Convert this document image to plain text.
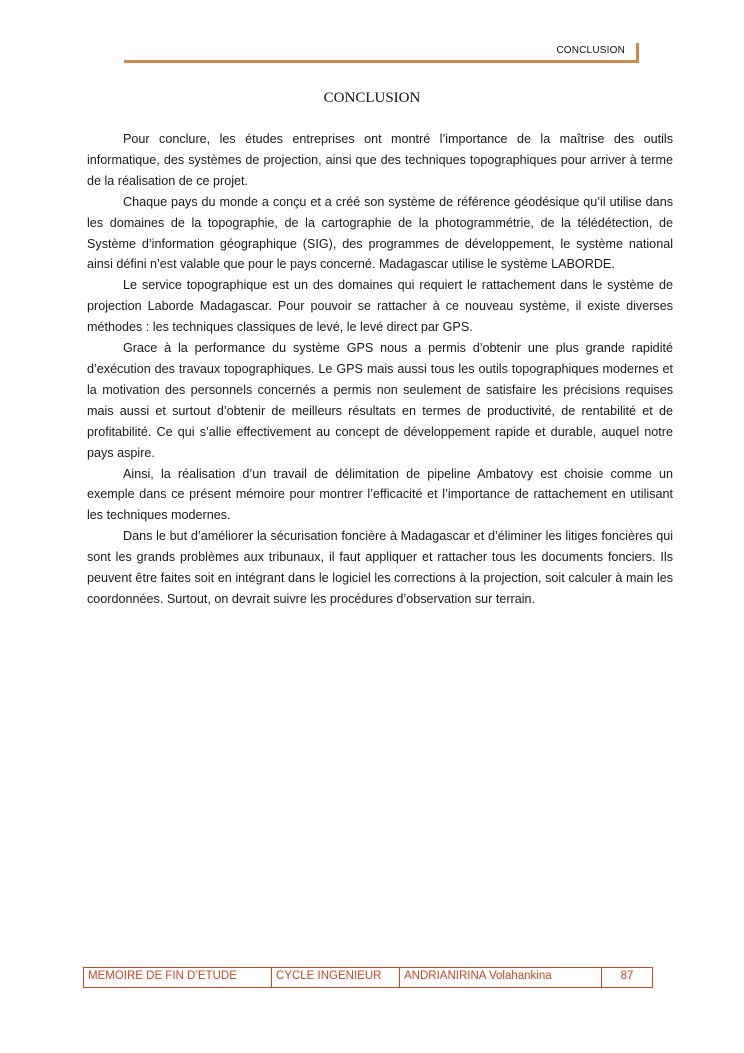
CONCLUSION
CONCLUSION

Pour conclure, les études entreprises ont montré l’importance de la maîtrise des outils informatique, des systèmes de projection, ainsi que des techniques topographiques pour arriver à terme de la réalisation de ce projet.

Chaque pays du monde a conçu et a créé son système de référence géodésique qu’il utilise dans les domaines de la topographie, de la cartographie de la photogrammétrie, de la télédétection, de Système d’information géographique (SIG), des programmes de développement, le système national ainsi défini n’est valable que pour le pays concerné. Madagascar utilise le système LABORDE.

Le service topographique est un des domaines qui requiert le rattachement dans le système de projection Laborde Madagascar. Pour pouvoir se rattacher à ce nouveau système, il existe diverses méthodes : les techniques classiques de levé, le levé direct par GPS.

Grace à la performance du système GPS nous a permis d’obtenir une plus grande rapidité d’exécution des travaux topographiques. Le GPS mais aussi tous les outils topographiques modernes et la motivation des personnels concernés a permis non seulement de satisfaire les précisions requises mais aussi et surtout d’obtenir de meilleurs résultats en termes de productivité, de rentabilité et de profitabilité. Ce qui s’allie effectivement au concept de développement rapide et durable, auquel notre pays aspire.

Ainsi, la réalisation d’un travail de délimitation de pipeline Ambatovy est choisie comme un exemple dans ce présent mémoire pour montrer l’efficacité et l’importance de rattachement en utilisant les techniques modernes.

Dans le but d’améliorer la sécurisation foncière à Madagascar et d’éliminer les litiges foncières qui sont les grands problèmes aux tribunaux, il faut appliquer et rattacher tous les documents fonciers. Ils peuvent être faites soit en intégrant dans le logiciel les corrections à la projection, soit calculer à main les coordonnées. Surtout, on devrait suivre les procédures d’observation sur terrain.

MEMOIRE DE FIN D’ETUDE	CYCLE INGENIEUR	ANDRIANIRINA Volahankina	87
